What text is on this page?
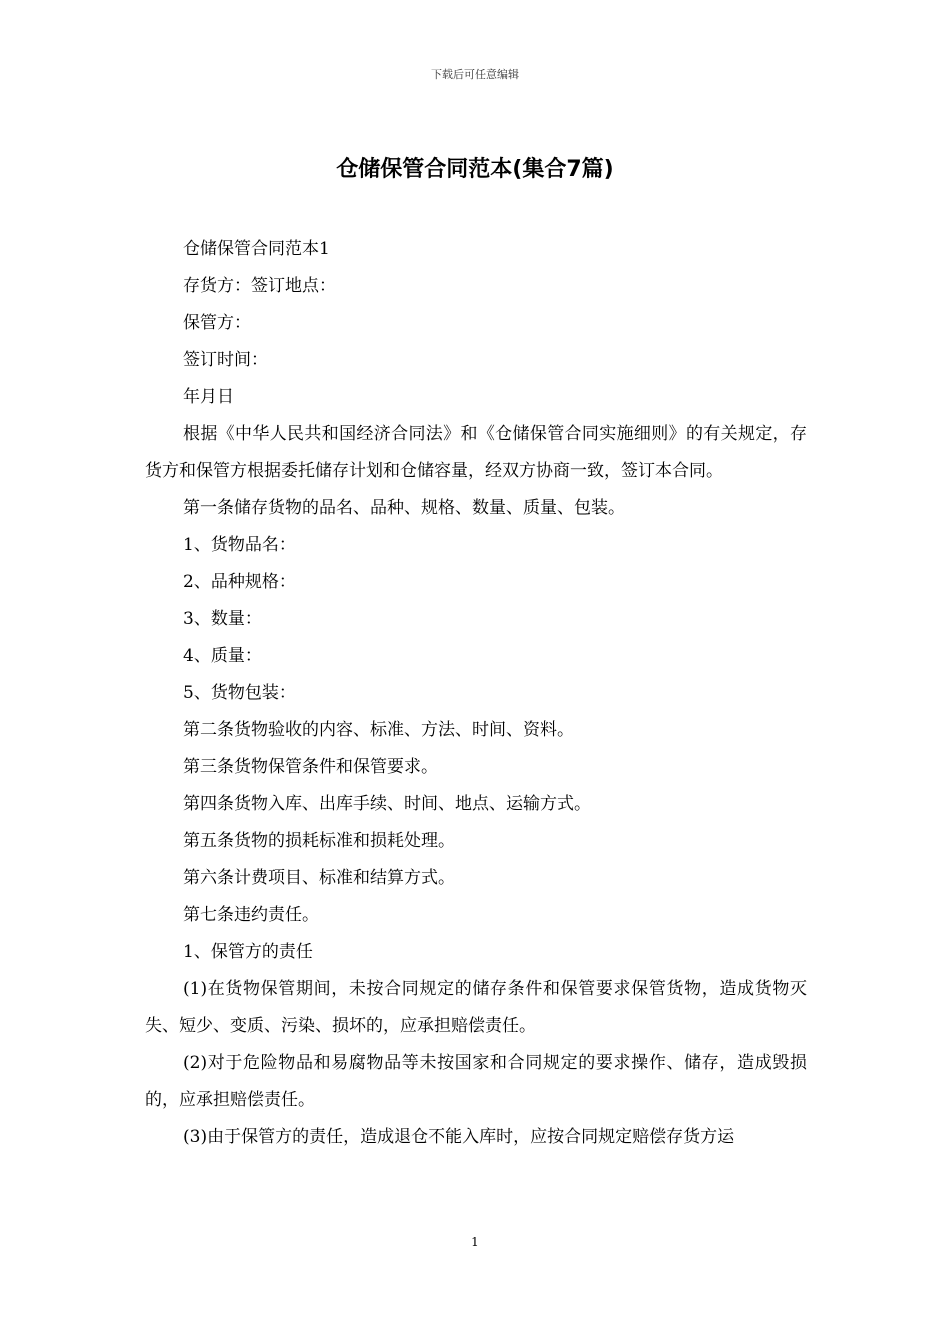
下载后可任意编辑
仓储保管合同范本(集合7篇)

仓储保管合同范本1

存货方：签订地点：

保管方：

签订时间：

年月日

根据《中华人民共和国经济合同法》和《仓储保管合同实施细则》的有关规定，存货方和保管方根据委托储存计划和仓储容量，经双方协商一致，签订本合同。

第一条储存货物的品名、品种、规格、数量、质量、包装。

1、货物品名：

2、品种规格：

3、数量：

4、质量：

5、货物包装：

第二条货物验收的内容、标准、方法、时间、资料。

第三条货物保管条件和保管要求。

第四条货物入库、出库手续、时间、地点、运输方式。

第五条货物的损耗标准和损耗处理。

第六条计费项目、标准和结算方式。

第七条违约责任。

1、保管方的责任

(1)在货物保管期间，未按合同规定的储存条件和保管要求保管货物，造成货物灭失、短少、变质、污染、损坏的，应承担赔偿责任。

(2)对于危险物品和易腐物品等未按国家和合同规定的要求操作、储存，造成毁损的，应承担赔偿责任。

(3)由于保管方的责任，造成退仓不能入库时，应按合同规定赔偿存货方运

1
